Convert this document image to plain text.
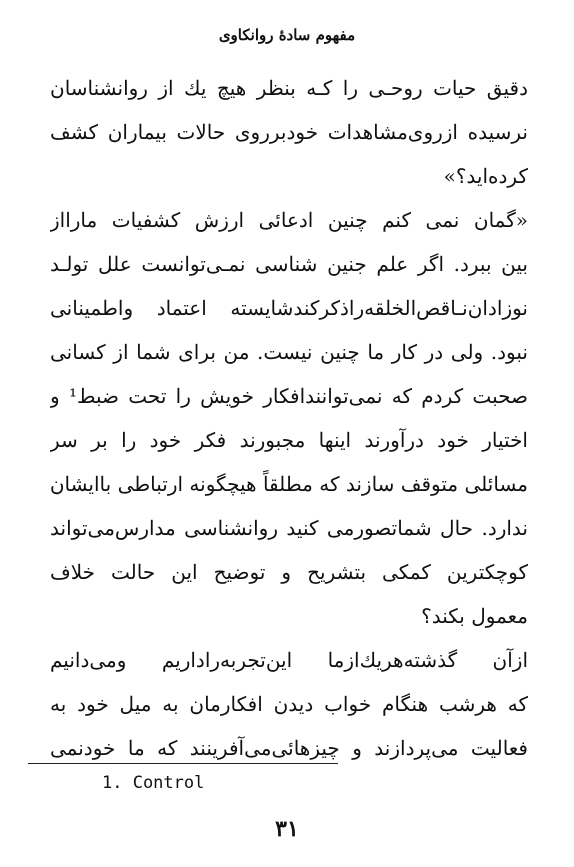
مفهوم سادهٔ روانکاوی
دقیق حیات روحـی را کـه بنظر هیچ یك از روانشناسان
نرسیده ازروی‌مشاهدات خودبرروی حالات بیماران کشف
کرده‌اید؟»
«گمان نمی کنم چنین ادعائی ارزش کشفیات مارااز
بین ببرد. اگر علم جنین شناسی نمـی‌توانست علل تولـد
نوزادان‌نـاقص‌الخلقه‌راذکرکندشایسته اعتماد واطمینانی
نبود. ولی در کار ما چنین نیست. من برای شما از کسانی
صحبت کردم که نمی‌توانندافکار خویش را تحت ضبط¹ و
اختیار خود درآورند اینها مجبورند فکر خود را بر سر
مسائلی متوقف سازند که مطلقاً هیچگونه ارتباطی باایشان
ندارد. حال شماتصورمی کنید روانشناسی مدارس‌می‌تواند
کوچکترین کمکی بتشریح و توضیح این حالت خلاف
معمول بکند؟
ازآن گذشته‌هریك‌ازما این‌تجربه‌راداریم ومی‌دانیم
که هرشب هنگام خواب دیدن افکارمان به میل خود به
فعالیت می‌پردازند و چیزهائی‌می‌آفرینند که ما خودنمی‌
1. Control
۳۱
